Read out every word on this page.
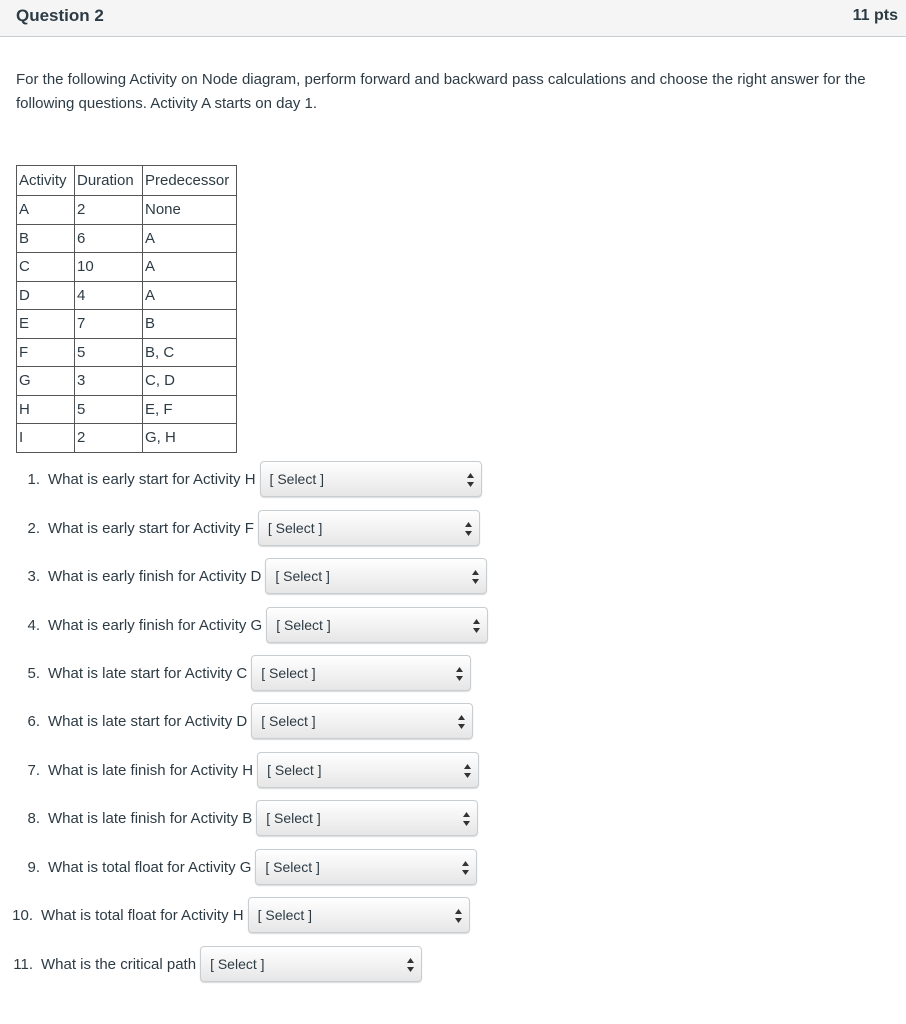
Question 2	11 pts
For the following Activity on Node diagram, perform forward and backward pass calculations and choose the right answer for the following questions. Activity A starts on day 1.
Activity	Duration	Predecessor
A	2	None
B	6	A
C	10	A
D	4	A
E	7	B
F	5	B, C
G	3	C, D
H	5	E, F
I	2	G, H
1. What is early start for Activity H [ Select ]
2. What is early start for Activity F [ Select ]
3. What is early finish for Activity D [ Select ]
4. What is early finish for Activity G [ Select ]
5. What is late start for Activity C [ Select ]
6. What is late start for Activity D [ Select ]
7. What is late finish for Activity H [ Select ]
8. What is late finish for Activity B [ Select ]
9. What is total float for Activity G [ Select ]
10. What is total float for Activity H [ Select ]
11. What is the critical path [ Select ]
